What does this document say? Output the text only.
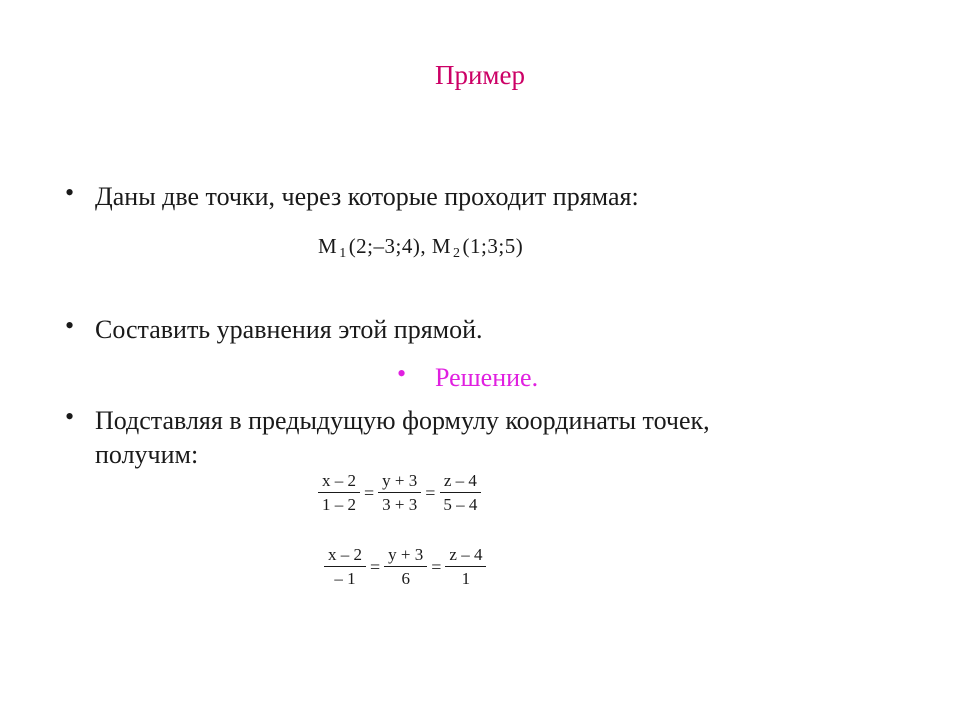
Пример
• Даны две точки, через которые проходит прямая:
M $_1$(2;–3;4), M $_2$(1;3;5)
• Составить уравнения этой прямой.
• Решение.
• Подставляя в предыдущую формулу координаты точек,
получим:
$\frac{x - 2}{1 - 2} = \frac{y + 3}{3 + 3} = \frac{z - 4}{5 - 4}$
$\frac{x - 2}{- 1} = \frac{y + 3}{6} = \frac{z - 4}{1}$
